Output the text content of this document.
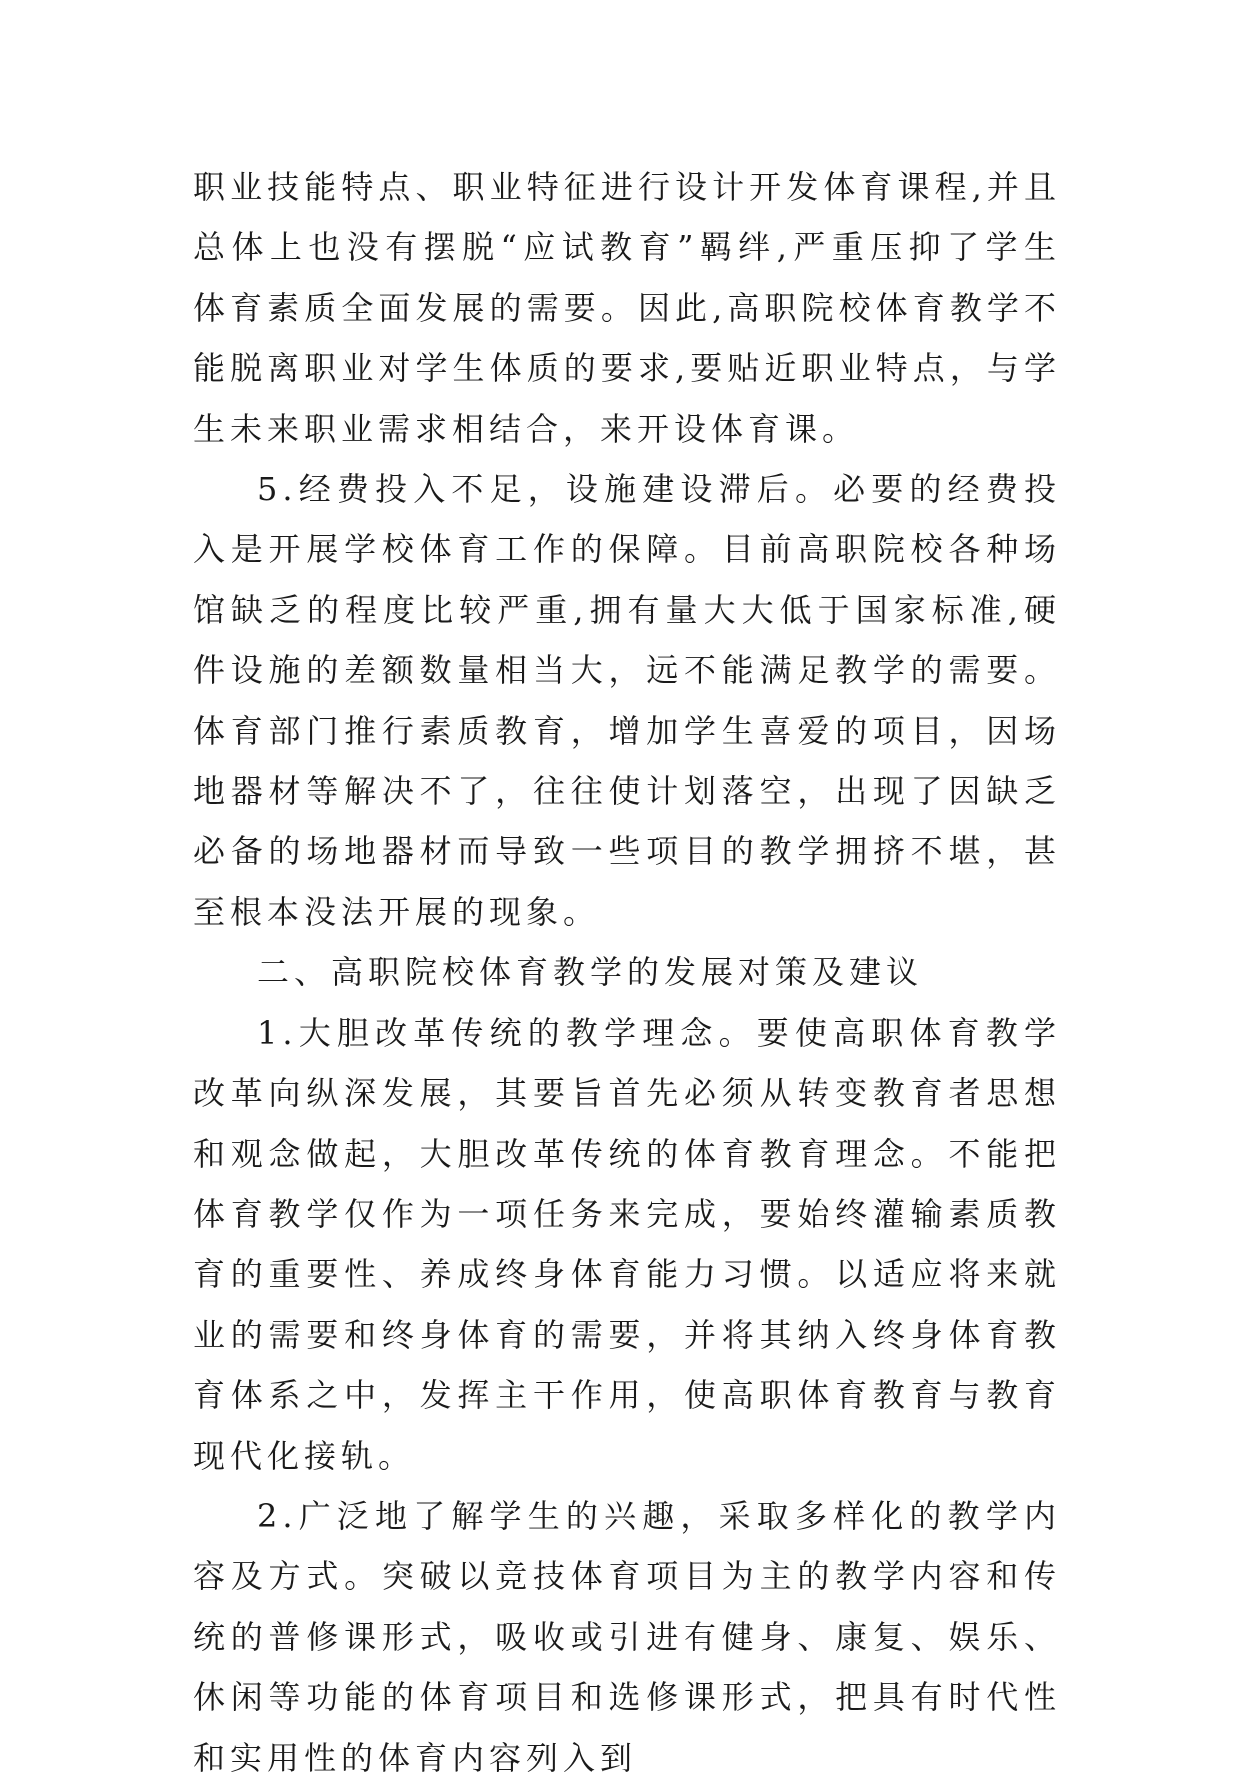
职业技能特点、职业特征进行设计开发体育课程,并且总体上也没有摆脱“应试教育”羁绊,严重压抑了学生体育素质全面发展的需要。因此,高职院校体育教学不能脱离职业对学生体质的要求,要贴近职业特点，与学生未来职业需求相结合，来开设体育课。

5.经费投入不足，设施建设滞后。必要的经费投入是开展学校体育工作的保障。目前高职院校各种场馆缺乏的程度比较严重,拥有量大大低于国家标准,硬件设施的差额数量相当大，远不能满足教学的需要。体育部门推行素质教育，增加学生喜爱的项目，因场地器材等解决不了，往往使计划落空，出现了因缺乏必备的场地器材而导致一些项目的教学拥挤不堪，甚至根本没法开展的现象。

二、高职院校体育教学的发展对策及建议

1.大胆改革传统的教学理念。要使高职体育教学改革向纵深发展，其要旨首先必须从转变教育者思想和观念做起，大胆改革传统的体育教育理念。不能把体育教学仅作为一项任务来完成，要始终灌输素质教育的重要性、养成终身体育能力习惯。以适应将来就业的需要和终身体育的需要，并将其纳入终身体育教育体系之中，发挥主干作用，使高职体育教育与教育现代化接轨。

2.广泛地了解学生的兴趣，采取多样化的教学内容及方式。突破以竞技体育项目为主的教学内容和传统的普修课形式，吸收或引进有健身、康复、娱乐、休闲等功能的体育项目和选修课形式，把具有时代性和实用性的体育内容列入到
